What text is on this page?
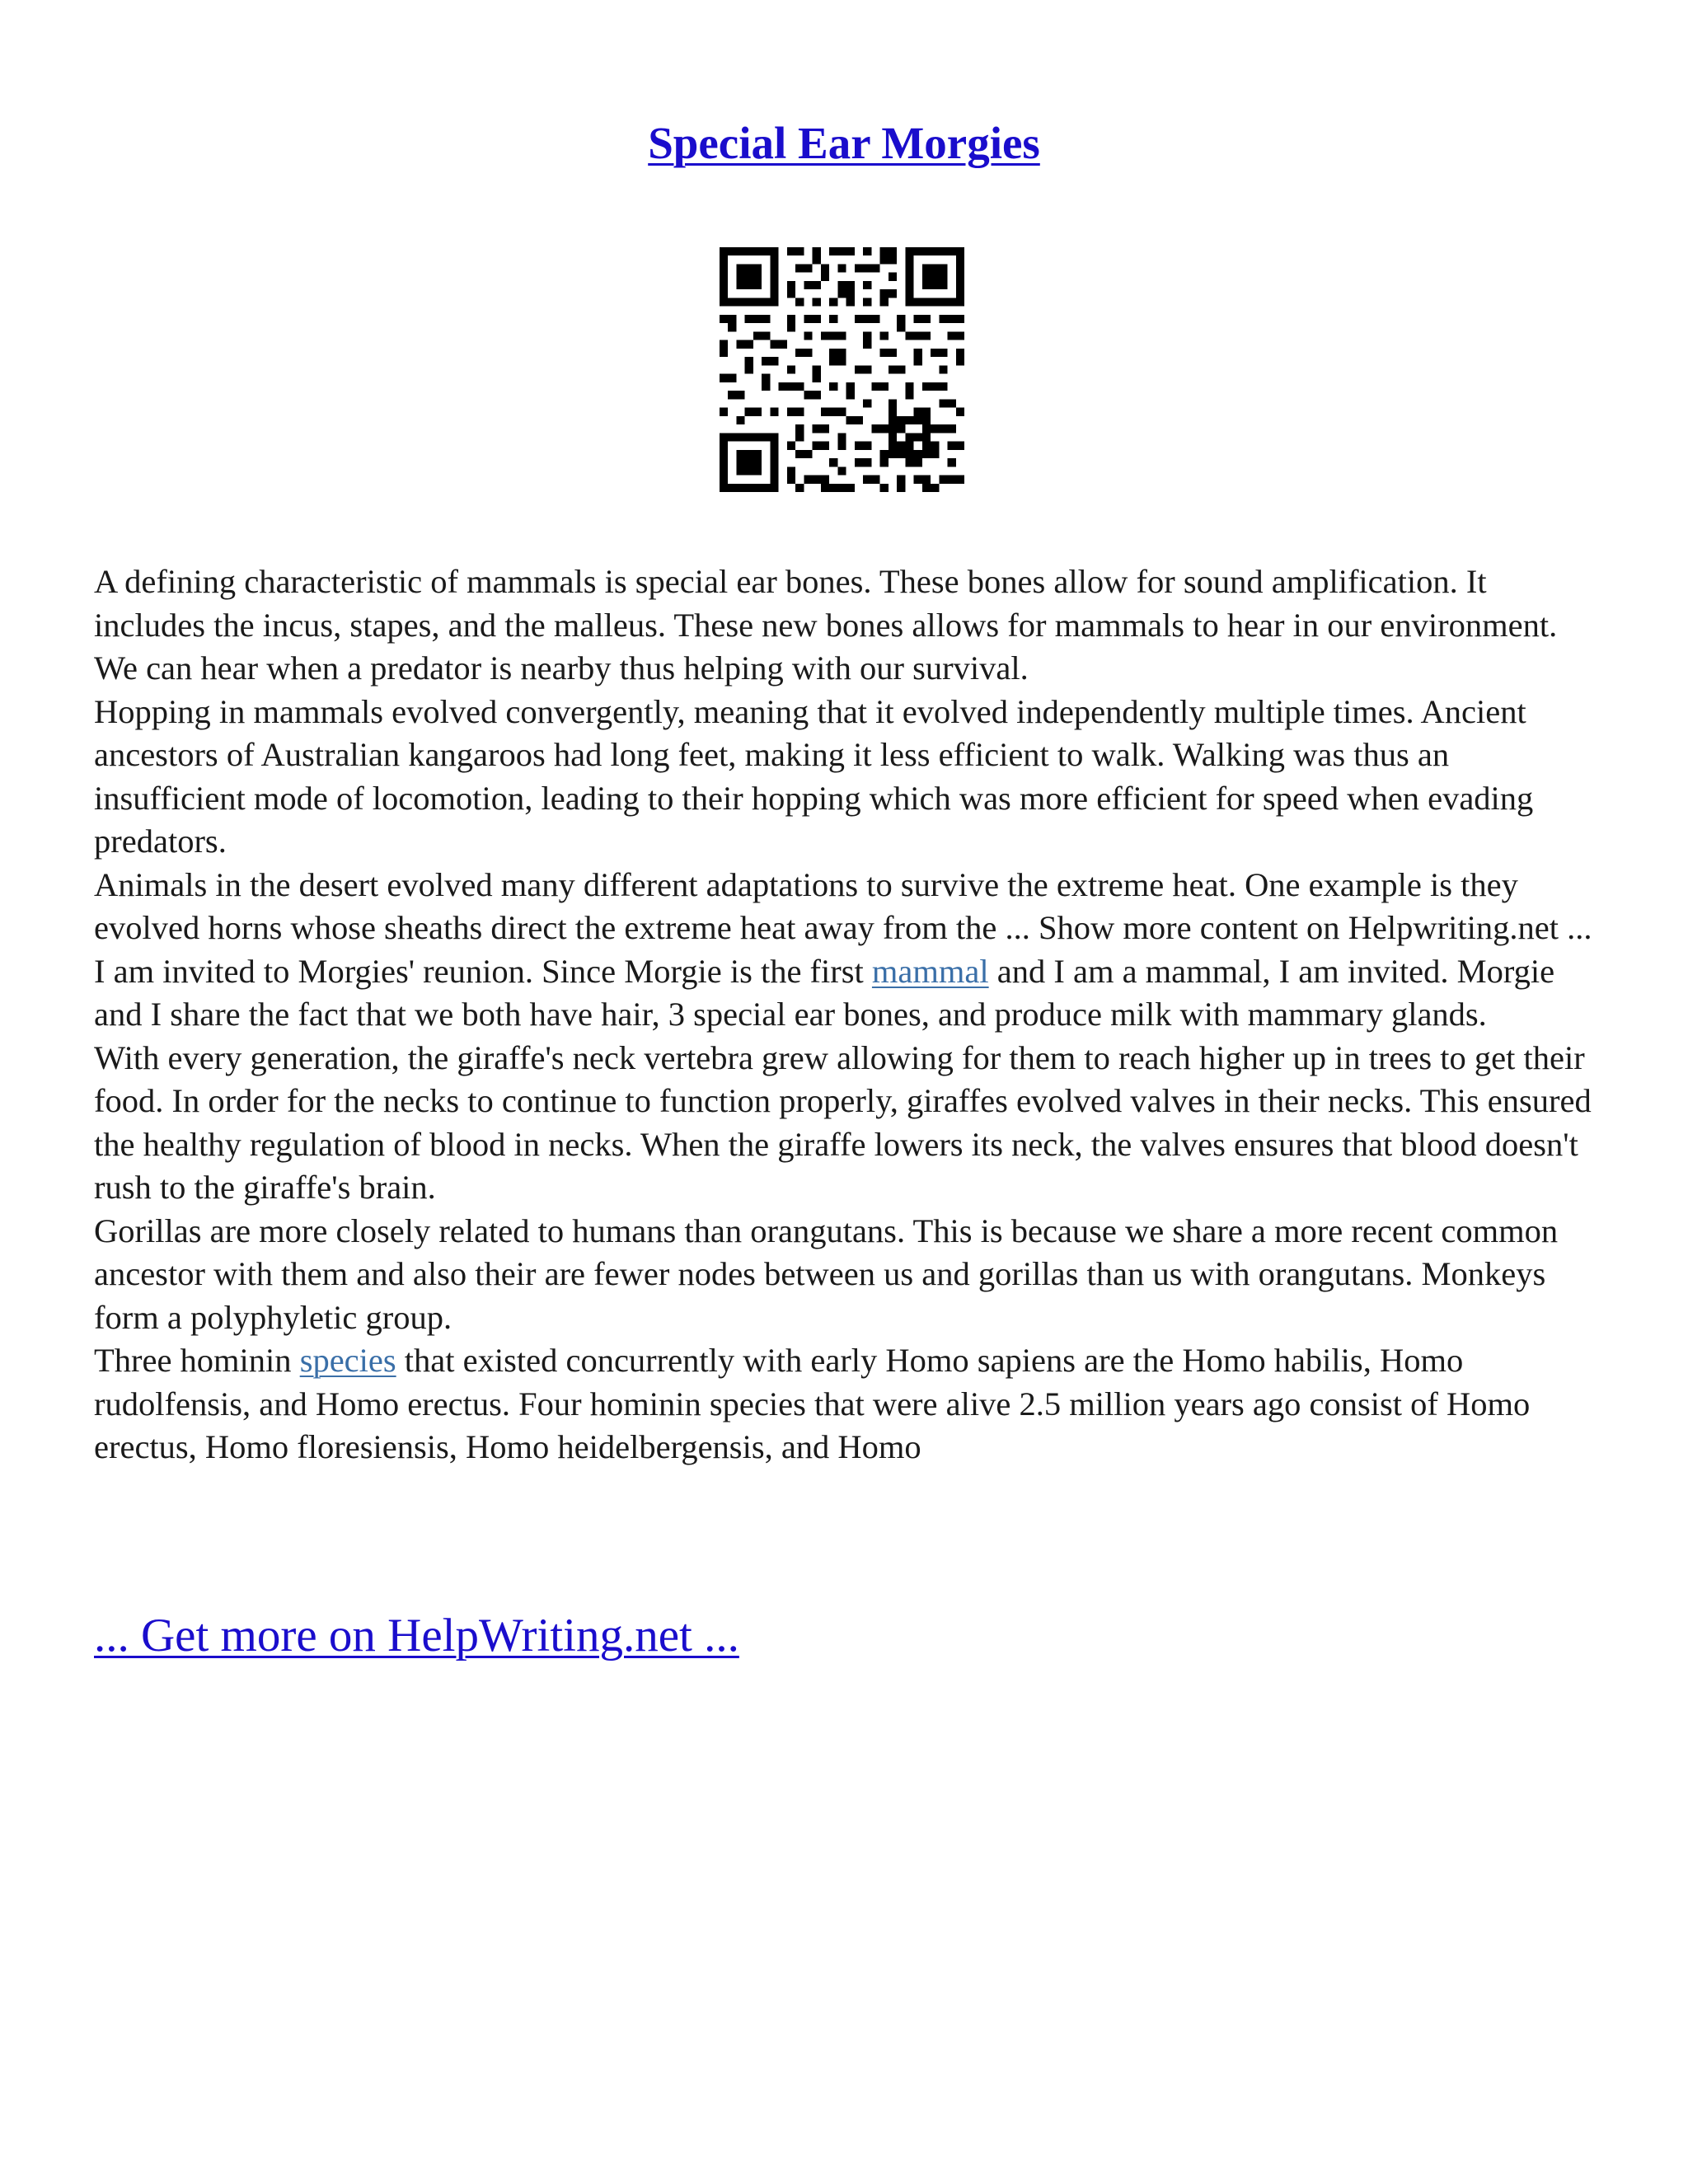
Special Ear Morgies

A defining characteristic of mammals is special ear bones. These bones allow for sound amplification. It includes the incus, stapes, and the malleus. These new bones allows for mammals to hear in our environment. We can hear when a predator is nearby thus helping with our survival.

Hopping in mammals evolved convergently, meaning that it evolved independently multiple times. Ancient ancestors of Australian kangaroos had long feet, making it less efficient to walk. Walking was thus an insufficient mode of locomotion, leading to their hopping which was more efficient for speed when evading predators.

Animals in the desert evolved many different adaptations to survive the extreme heat. One example is they evolved horns whose sheaths direct the extreme heat away from the ... Show more content on Helpwriting.net ...

I am invited to Morgies' reunion. Since Morgie is the first mammal and I am a mammal, I am invited. Morgie and I share the fact that we both have hair, 3 special ear bones, and produce milk with mammary glands.

With every generation, the giraffe's neck vertebra grew allowing for them to reach higher up in trees to get their food. In order for the necks to continue to function properly, giraffes evolved valves in their necks. This ensured the healthy regulation of blood in necks. When the giraffe lowers its neck, the valves ensures that blood doesn't rush to the giraffe's brain.

Gorillas are more closely related to humans than orangutans. This is because we share a more recent common ancestor with them and also their are fewer nodes between us and gorillas than us with orangutans. Monkeys form a polyphyletic group.

Three hominin species that existed concurrently with early Homo sapiens are the Homo habilis, Homo rudolfensis, and Homo erectus. Four hominin species that were alive 2.5 million years ago consist of Homo erectus, Homo floresiensis, Homo heidelbergensis, and Homo

... Get more on HelpWriting.net ...
